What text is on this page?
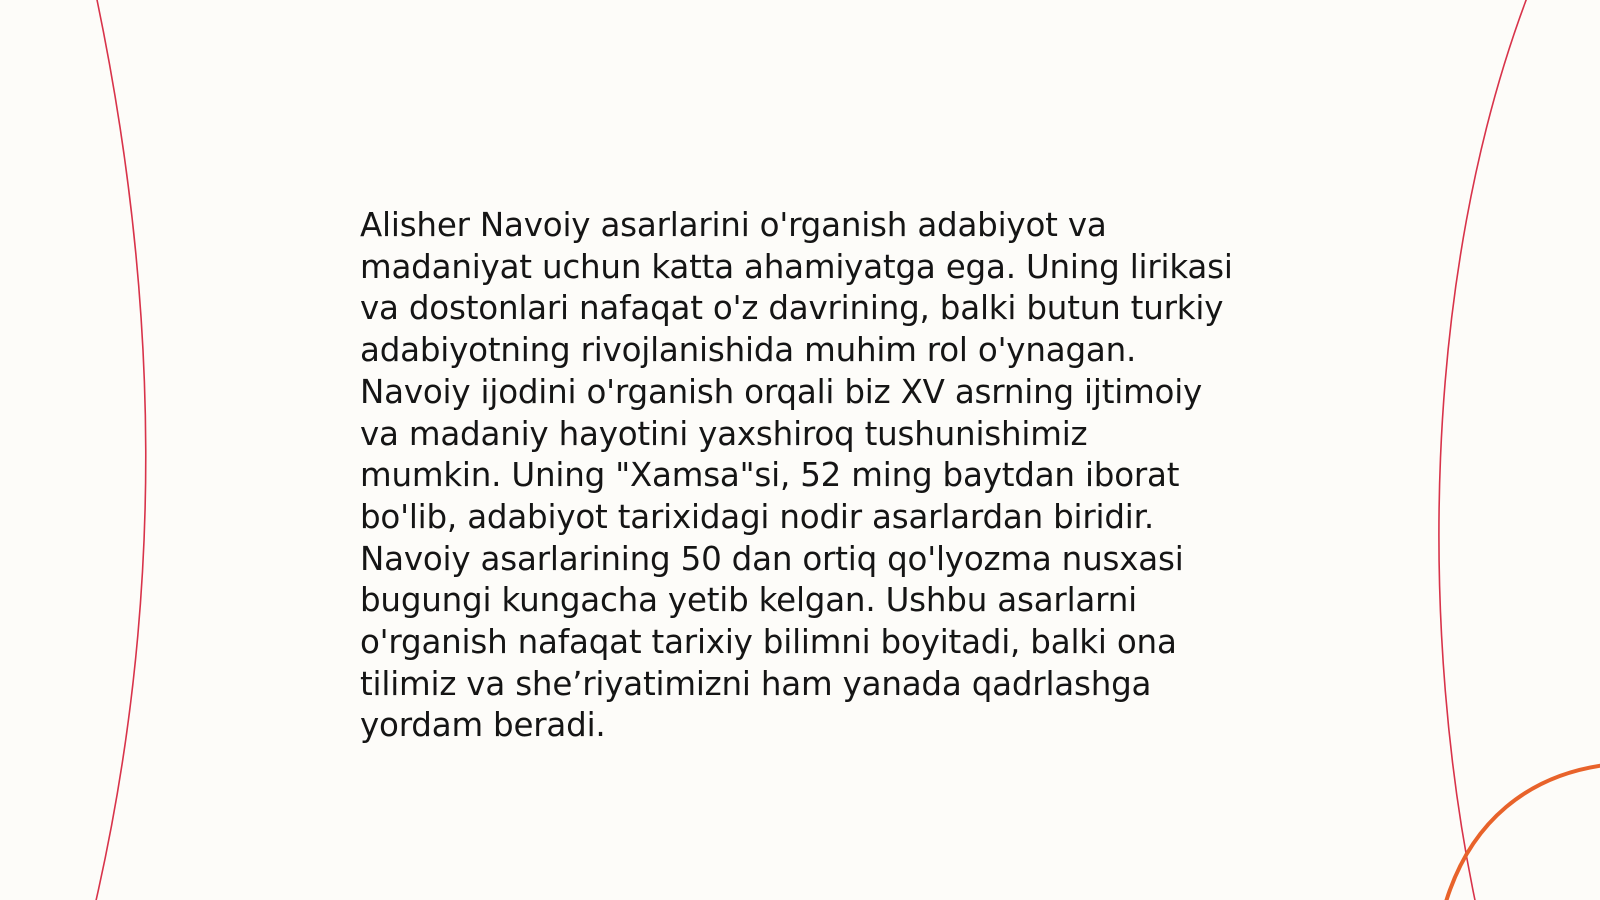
Alisher Navoiy asarlarini o'rganish adabiyot va
madaniyat uchun katta ahamiyatga ega. Uning lirikasi
va dostonlari nafaqat o'z davrining, balki butun turkiy
adabiyotning rivojlanishida muhim rol o'ynagan.
Navoiy ijodini o'rganish orqali biz XV asrning ijtimoiy
va madaniy hayotini yaxshiroq tushunishimiz
mumkin. Uning "Xamsa"si, 52 ming baytdan iborat
bo'lib, adabiyot tarixidagi nodir asarlardan biridir.
Navoiy asarlarining 50 dan ortiq qo'lyozma nusxasi
bugungi kungacha yetib kelgan. Ushbu asarlarni
o'rganish nafaqat tarixiy bilimni boyitadi, balki ona
tilimiz va she’riyatimizni ham yanada qadrlashga
yordam beradi.
